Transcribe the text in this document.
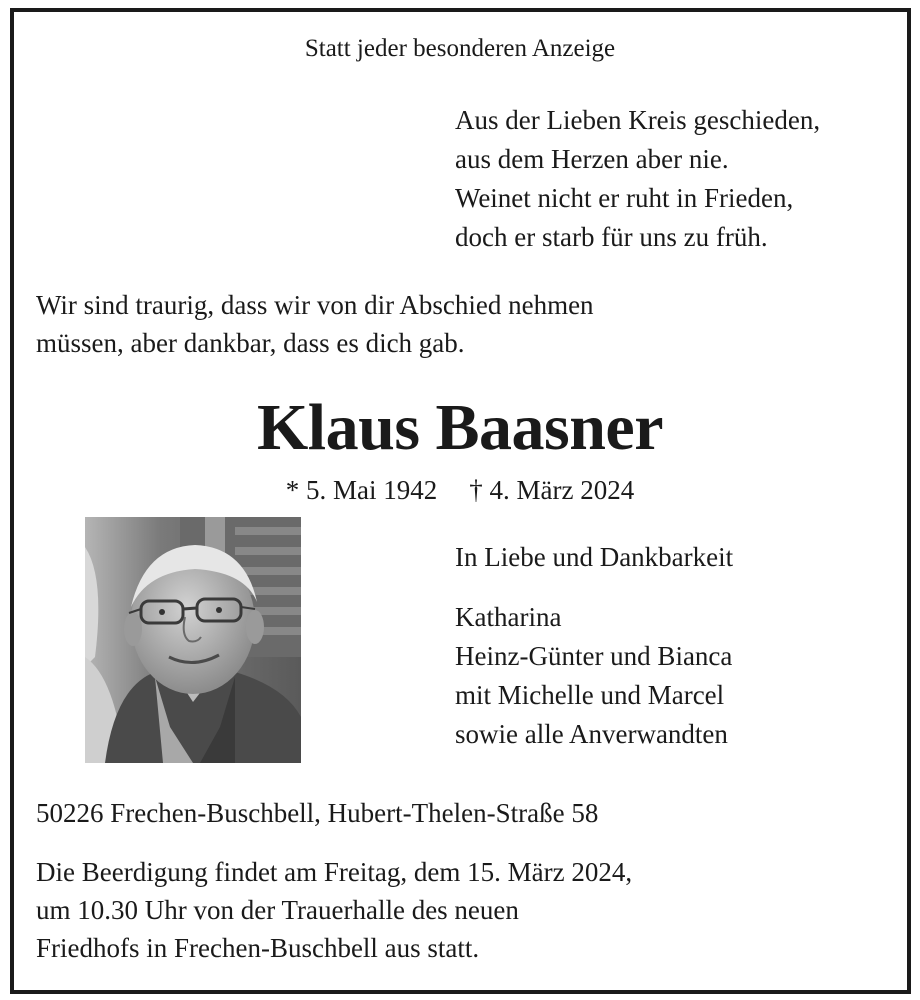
Statt jeder besonderen Anzeige

Aus der Lieben Kreis geschieden,
aus dem Herzen aber nie.
Weinet nicht er ruht in Frieden,
doch er starb für uns zu früh.
Wir sind traurig, dass wir von dir Abschied nehmen
müssen, aber dankbar, dass es dich gab.

Klaus Baasner

* 5. Mai 1942 † 4. März 2024

In Liebe und Dankbarkeit

Katharina
Heinz-Günter und Bianca
mit Michelle und Marcel
sowie alle Anverwandten

50226 Frechen-Buschbell, Hubert-Thelen-Straße 58

Die Beerdigung findet am Freitag, dem 15. März 2024,
um 10.30 Uhr von der Trauerhalle des neuen
Friedhofs in Frechen-Buschbell aus statt.
